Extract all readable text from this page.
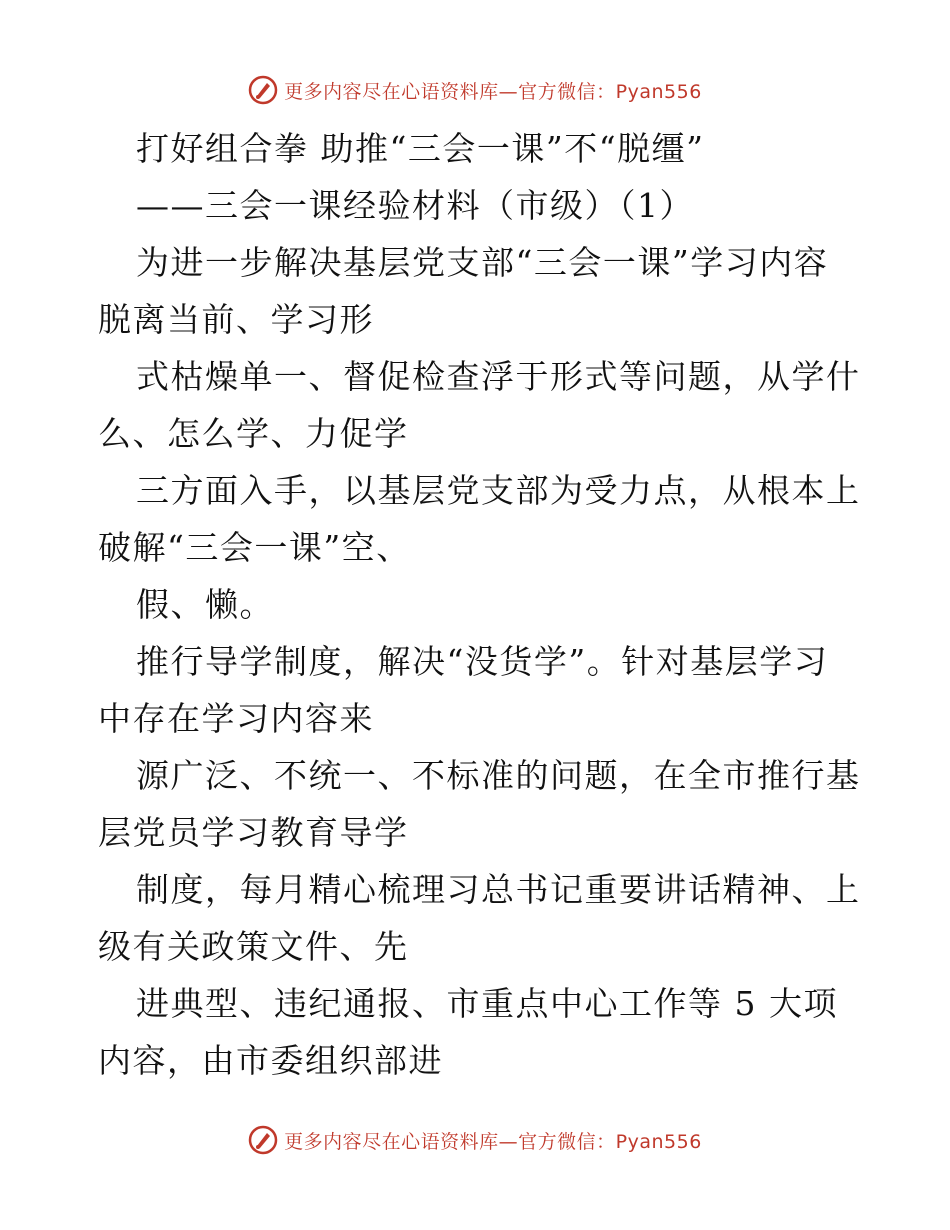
更多内容尽在心语资料库—官方微信：Pyan556
打好组合拳 助推“三会一课”不“脱缰”
——三会一课经验材料（市级）（1）
为进一步解决基层党支部“三会一课”学习内容
脱离当前、学习形
式枯燥单一、督促检查浮于形式等问题，从学什
么、怎么学、力促学
三方面入手，以基层党支部为受力点，从根本上
破解“三会一课”空、
假、懒。
推行导学制度，解决“没货学”。针对基层学习
中存在学习内容来
源广泛、不统一、不标准的问题，在全市推行基
层党员学习教育导学
制度，每月精心梳理习总书记重要讲话精神、上
级有关政策文件、先
进典型、违纪通报、市重点中心工作等 5 大项
内容，由市委组织部进
更多内容尽在心语资料库—官方微信：Pyan556
